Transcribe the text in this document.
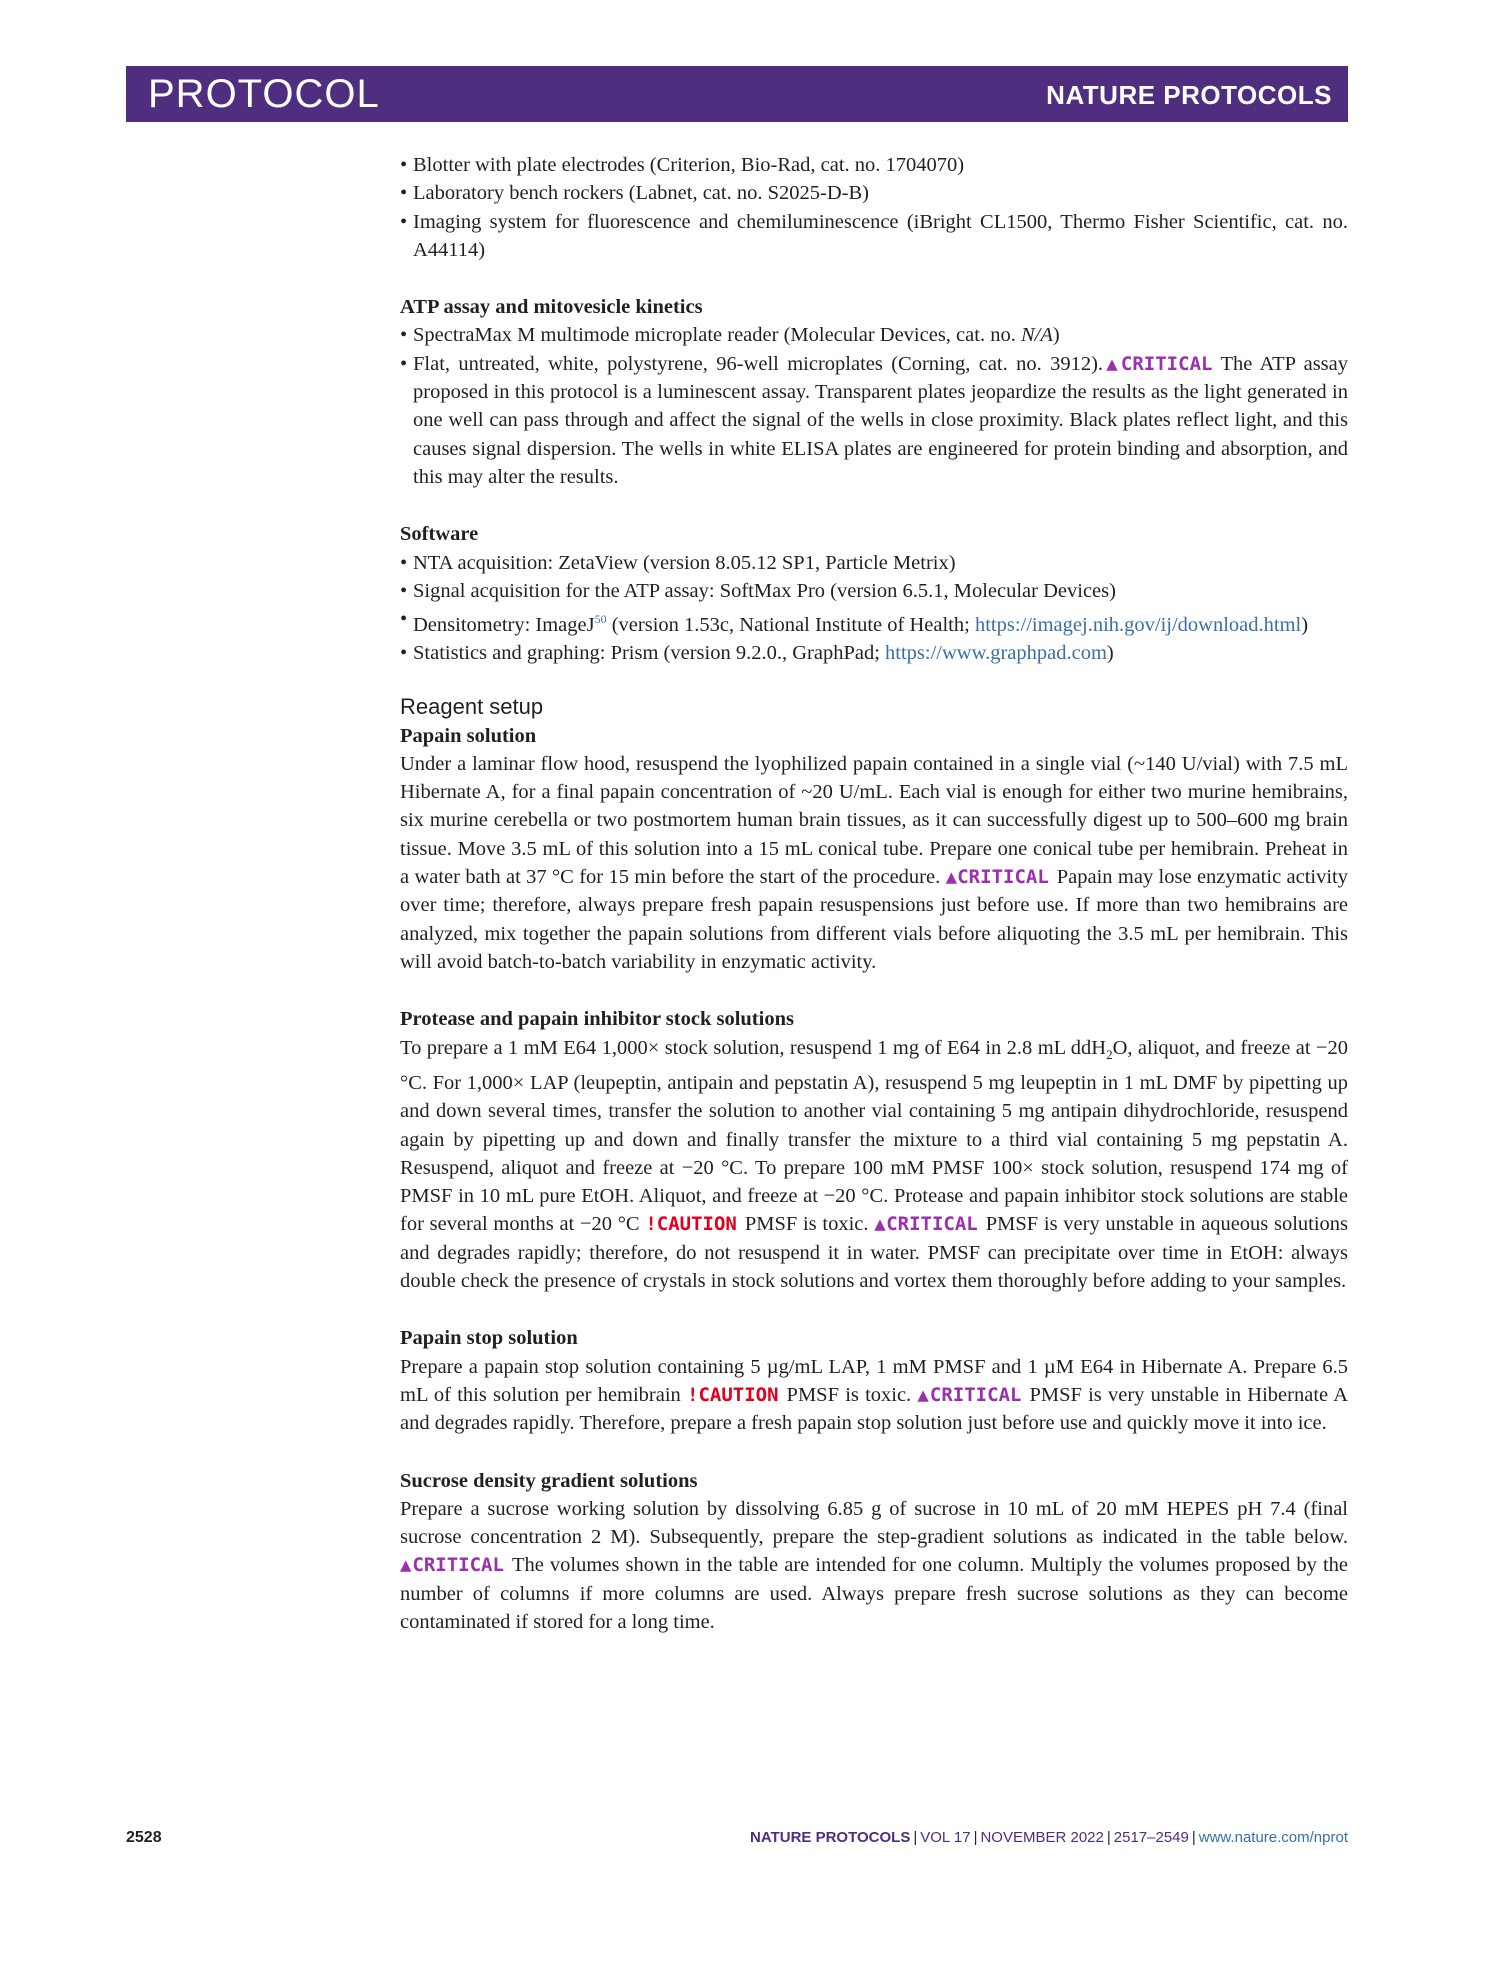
PROTOCOL	NATURE PROTOCOLS
• Blotter with plate electrodes (Criterion, Bio-Rad, cat. no. 1704070)
• Laboratory bench rockers (Labnet, cat. no. S2025-D-B)
• Imaging system for fluorescence and chemiluminescence (iBright CL1500, Thermo Fisher Scientific, cat. no. A44114)

ATP assay and mitovesicle kinetics

• SpectraMax M multimode microplate reader (Molecular Devices, cat. no. N/A)
• Flat, untreated, white, polystyrene, 96-well microplates (Corning, cat. no. 3912).▲CRITICAL The ATP assay proposed in this protocol is a luminescent assay. Transparent plates jeopardize the results as the light generated in one well can pass through and affect the signal of the wells in close proximity. Black plates reflect light, and this causes signal dispersion. The wells in white ELISA plates are engineered for protein binding and absorption, and this may alter the results.

Software

• NTA acquisition: ZetaView (version 8.05.12 SP1, Particle Metrix)
• Signal acquisition for the ATP assay: SoftMax Pro (version 6.5.1, Molecular Devices)
• Densitometry: ImageJ$^{50}$ (version 1.53c, National Institute of Health; https://imagej.nih.gov/ij/download.html)
• Statistics and graphing: Prism (version 9.2.0., GraphPad; https://www.graphpad.com)

Reagent setup

Papain solution

Under a laminar flow hood, resuspend the lyophilized papain contained in a single vial (~140 U/vial) with 7.5 mL Hibernate A, for a final papain concentration of ~20 U/mL. Each vial is enough for either two murine hemibrains, six murine cerebella or two postmortem human brain tissues, as it can successfully digest up to 500–600 mg brain tissue. Move 3.5 mL of this solution into a 15 mL conical tube. Prepare one conical tube per hemibrain. Preheat in a water bath at 37 °C for 15 min before the start of the procedure. ▲CRITICAL Papain may lose enzymatic activity over time; therefore, always prepare fresh papain resuspensions just before use. If more than two hemibrains are analyzed, mix together the papain solutions from different vials before aliquoting the 3.5 mL per hemibrain. This will avoid batch-to-batch variability in enzymatic activity.

Protease and papain inhibitor stock solutions

To prepare a 1 mM E64 1,000× stock solution, resuspend 1 mg of E64 in 2.8 mL ddH$_2$O, aliquot, and freeze at −20 °C. For 1,000× LAP (leupeptin, antipain and pepstatin A), resuspend 5 mg leupeptin in 1 mL DMF by pipetting up and down several times, transfer the solution to another vial containing 5 mg antipain dihydrochloride, resuspend again by pipetting up and down and finally transfer the mixture to a third vial containing 5 mg pepstatin A. Resuspend, aliquot and freeze at −20 °C. To prepare 100 mM PMSF 100× stock solution, resuspend 174 mg of PMSF in 10 mL pure EtOH. Aliquot, and freeze at −20 °C. Protease and papain inhibitor stock solutions are stable for several months at −20 °C !CAUTION PMSF is toxic. ▲CRITICAL PMSF is very unstable in aqueous solutions and degrades rapidly; therefore, do not resuspend it in water. PMSF can precipitate over time in EtOH: always double check the presence of crystals in stock solutions and vortex them thoroughly before adding to your samples.

Papain stop solution

Prepare a papain stop solution containing 5 µg/mL LAP, 1 mM PMSF and 1 µM E64 in Hibernate A. Prepare 6.5 mL of this solution per hemibrain !CAUTION PMSF is toxic. ▲CRITICAL PMSF is very unstable in Hibernate A and degrades rapidly. Therefore, prepare a fresh papain stop solution just before use and quickly move it into ice.

Sucrose density gradient solutions

Prepare a sucrose working solution by dissolving 6.85 g of sucrose in 10 mL of 20 mM HEPES pH 7.4 (final sucrose concentration 2 M). Subsequently, prepare the step-gradient solutions as indicated in the table below. ▲CRITICAL The volumes shown in the table are intended for one column. Multiply the volumes proposed by the number of columns if more columns are used. Always prepare fresh sucrose solutions as they can become contaminated if stored for a long time.

2528	NATURE PROTOCOLS | VOL 17 | NOVEMBER 2022 | 2517–2549 | www.nature.com/nprot
